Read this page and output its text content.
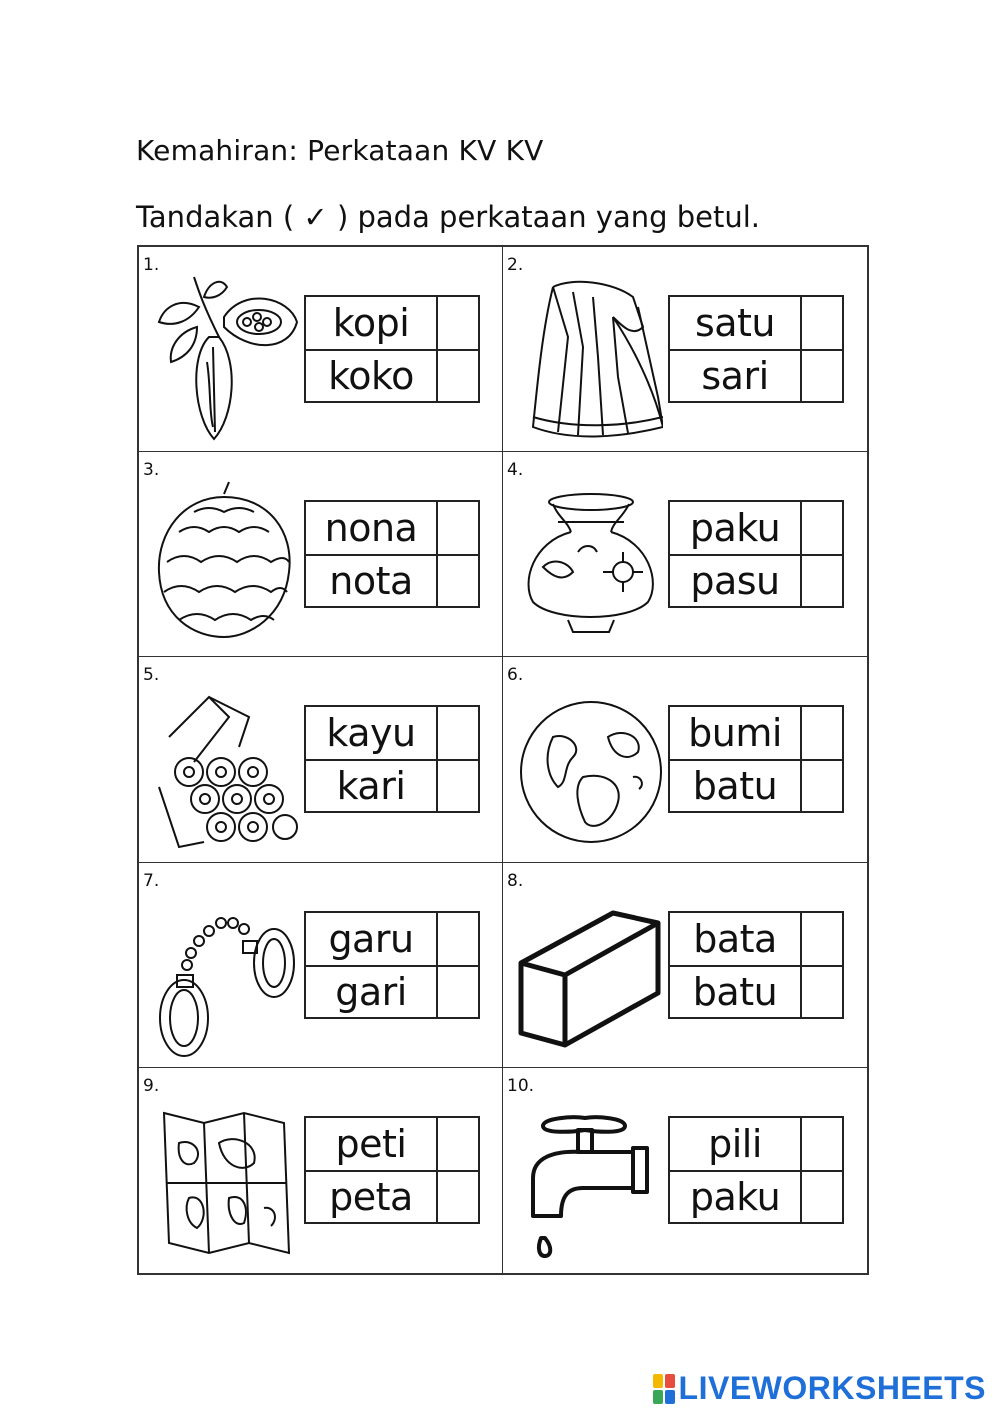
Kemahiran: Perkataan KV KV
Tandakan ( ✓ ) pada perkataan yang betul.
1.
kopi
koko
2.
satu
sari
3.
nona
nota
4.
paku
pasu
5.
kayu
kari
6.
bumi
batu
7.
garu
gari
8.
bata
batu
9.
peti
peta
10.
pili
paku
LIVEWORKSHEETS
